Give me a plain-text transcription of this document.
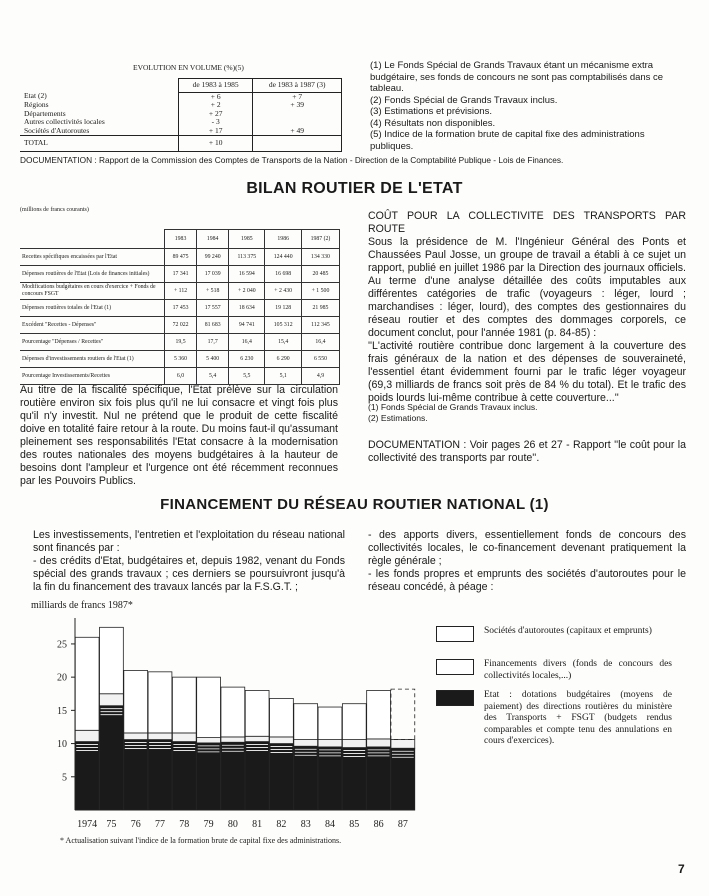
EVOLUTION EN VOLUME (%)(5)
	de 1983 à 1985	de 1983 à 1987 (3)
Etat (2)	+ 6	+ 7
Régions	+ 2	+ 39
Départements	+ 27	
Autres collectivités locales	- 3	
Sociétés d'Autoroutes	+ 17	+ 49
TOTAL	+ 10	
(1) Le Fonds Spécial de Grands Travaux étant un mécanisme extra budgétaire, ses fonds de concours ne sont pas comptabilisés dans ce tableau.
(2) Fonds Spécial de Grands Travaux inclus.
(3) Estimations et prévisions.
(4) Résultats non disponibles.
(5) Indice de la formation brute de capital fixe des administrations publiques.
DOCUMENTATION : Rapport de la Commission des Comptes de Transports de la Nation - Direction de la Comptabilité Publique - Lois de Finances.
BILAN ROUTIER DE L'ETAT
(millions de francs courants)
	1983	1984	1985	1986	1987 (2)
Recettes spécifiques encaissées par l'Etat	89 475	99 240	113 375	124 440	134 330
Dépenses routières de l'Etat (Lois de finances initiales)	17 341	17 039	16 594	16 698	20 485
Modifications budgétaires en cours d'exercice + Fonds de concours FSGT	+ 112	+ 518	+ 2 040	+ 2 430	+ 1 500
Dépenses routières totales de l'Etat (1)	17 453	17 557	18 634	19 128	21 985
Excédent "Recettes - Dépenses"	72 022	81 683	94 741	105 312	112 345
Pourcentage "Dépenses / Recettes"	19,5	17,7	16,4	15,4	16,4
Dépenses d'investissements routiers de l'Etat (1)	5 360	5 400	6 230	6 290	6 550
Pourcentage Investissements/Recettes	6,0	5,4	5,5	5,1	4,9
Au titre de la fiscalité spécifique, l'Etat prélève sur la circulation routière environ six fois plus qu'il ne lui consacre et vingt fois plus qu'il n'y investit. Nul ne prétend que le produit de cette fiscalité doive en totalité faire retour à la route. Du moins faut-il qu'assumant pleinement ses responsabilités l'Etat consacre à la modernisation des routes nationales des moyens budgétaires à la hauteur de besoins dont l'ampleur et l'urgence ont été récemment reconnues par les Pouvoirs Publics.
COÛT POUR LA COLLECTIVITE DES TRANSPORTS PAR ROUTE
Sous la présidence de M. l'Ingénieur Général des Ponts et Chaussées Paul Josse, un groupe de travail a établi à ce sujet un rapport, publié en juillet 1986 par la Direction des journaux officiels. Au terme d'une analyse détaillée des coûts imputables aux différentes catégories de trafic (voyageurs : léger, lourd ; marchandises : léger, lourd), des comptes des gestionnaires du réseau routier et des comptes des dommages corporels, ce document conclut, pour l'année 1981 (p. 84-85) :
''L'activité routière contribue donc largement à la couverture des frais généraux de la nation et des dépenses de souveraineté, l'essentiel étant évidemment fourni par le trafic léger voyageur (69,3 milliards de francs soit près de 84 % du total). Et le trafic des poids lourds lui-même contribue à cette couverture...''
(1) Fonds Spécial de Grands Travaux inclus.
(2) Estimations.
DOCUMENTATION : Voir pages 26 et 27 - Rapport ''le coût pour la collectivité des transports par route''.
FINANCEMENT DU RÉSEAU ROUTIER NATIONAL (1)
Les investissements, l'entretien et l'exploitation du réseau national sont financés par :
- des crédits d'Etat, budgétaires et, depuis 1982, venant du Fonds spécial des grands travaux ; ces derniers se poursuivront jusqu'à la fin du financement des travaux lancés par la F.S.G.T. ;
- des apports divers, essentiellement fonds de concours des collectivités locales, le co-financement devenant pratiquement la règle générale ;
- les fonds propres et emprunts des sociétés d'autoroutes pour le réseau concédé, à péage :
milliards de francs 1987*
5
10
15
20
25
1974 75 76 77 78 79 80 81 82 83 84 85 86 87
* Actualisation suivant l'indice de la formation brute de capital fixe des administrations.
Sociétés d'autoroutes (capitaux et emprunts)
Financements divers (fonds de concours des collectivités locales,...)
Etat : dotations budgétaires (moyens de paiement) des directions routières du ministère des Transports + FSGT (budgets rendus comparables et compte tenu des annulations en cours d'exercices).
7
